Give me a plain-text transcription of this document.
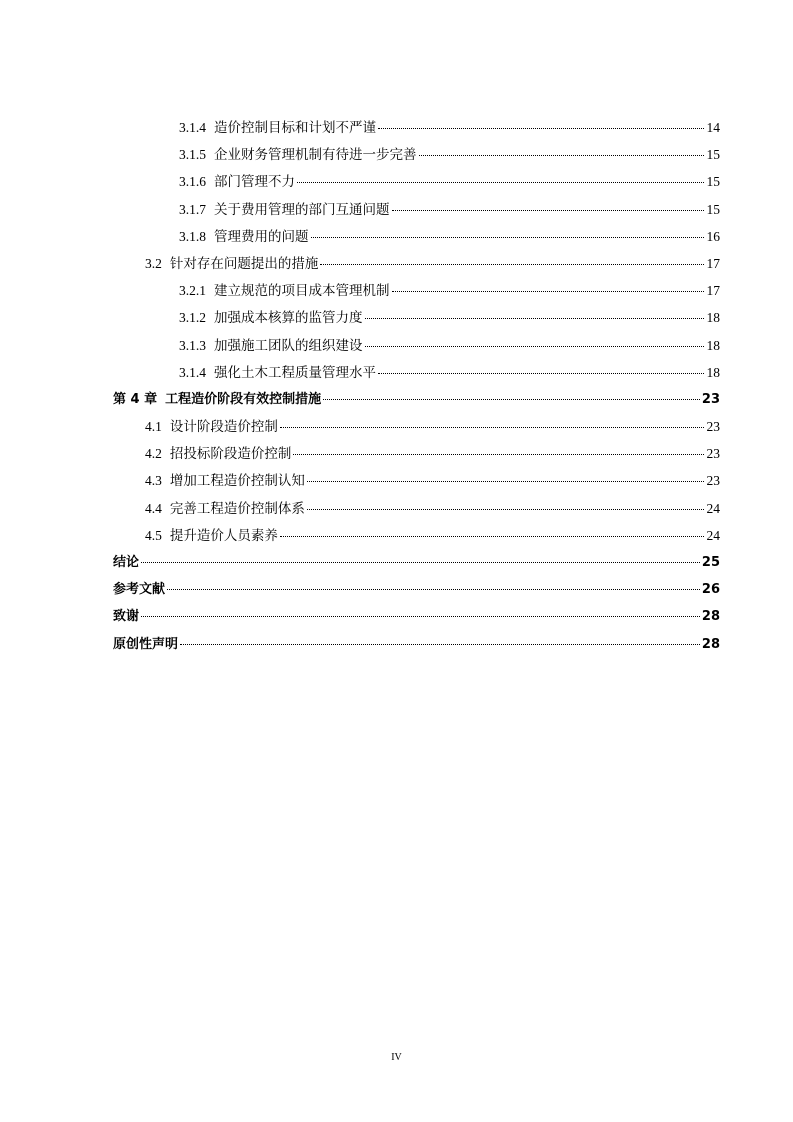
3.1.4 造价控制目标和计划不严谨	14
3.1.5 企业财务管理机制有待进一步完善	15
3.1.6 部门管理不力	15
3.1.7 关于费用管理的部门互通问题	15
3.1.8 管理费用的问题	16
3.2 针对存在问题提出的措施	17
3.2.1 建立规范的项目成本管理机制	17
3.1.2 加强成本核算的监管力度	18
3.1.3 加强施工团队的组织建设	18
3.1.4 强化土木工程质量管理水平	18
第 4 章 工程造价阶段有效控制措施	23
4.1 设计阶段造价控制	23
4.2 招投标阶段造价控制	23
4.3 增加工程造价控制认知	23
4.4 完善工程造价控制体系	24
4.5 提升造价人员素养	24
结论	25
参考文献	26
致谢	28
原创性声明	28
IV
